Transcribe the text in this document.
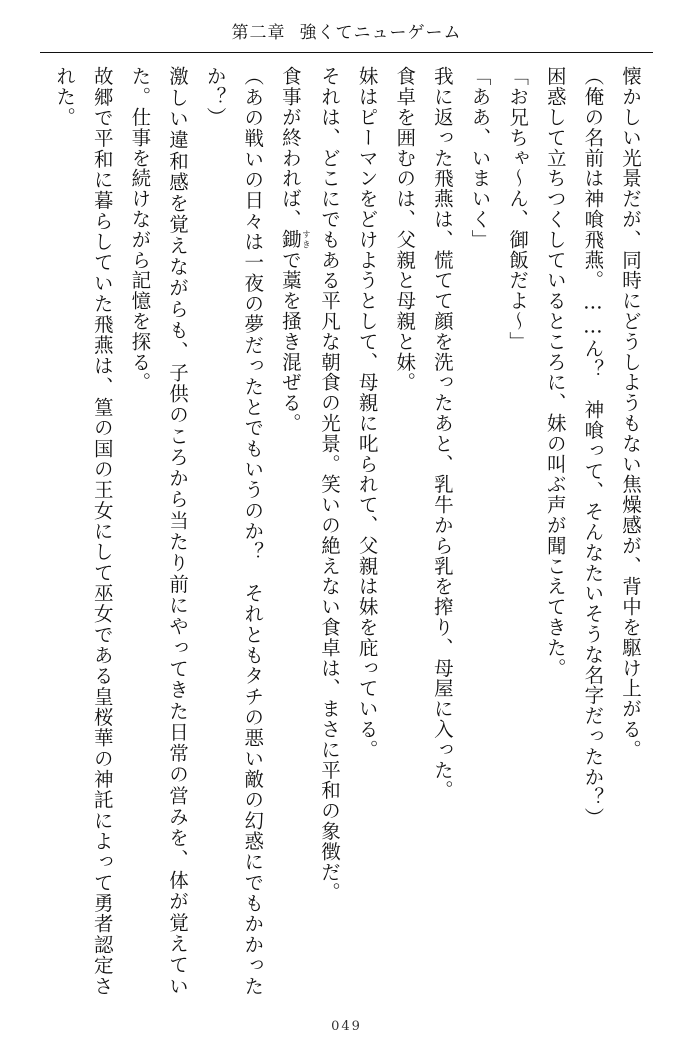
第二章 強くてニューゲーム

懐かしい光景だが、同時にどうしようもない焦燥感が、背中を駆け上がる。

（俺の名前は神喰飛燕。……ん？　神喰って、そんなたいそうな名字だったか？）

困惑して立ちつくしているところに、妹の叫ぶ声が聞こえてきた。

「お兄ちゃ～ん、御飯だよ～」

「ああ、いまいく」

我に返った飛燕は、慌てて顔を洗ったあと、乳牛から乳を搾り、母屋に入った。

食卓を囲むのは、父親と母親と妹。

妹はピーマンをどけようとして、母親に叱られて、父親は妹を庇っている。

それは、どこにでもある平凡な朝食の光景。笑いの絶えない食卓は、まさに平和の象徴だ。

食事が終われば、鋤すきで藁を掻き混ぜる。

（あの戦いの日々は一夜の夢だったとでもいうのか？　それともタチの悪い敵の幻惑にでもかかったか？）

激しい違和感を覚えながらも、子供のころから当たり前にやってきた日常の営みを、体が覚えていた。仕事を続けながら記憶を探る。

故郷で平和に暮らしていた飛燕は、篁の国の王女にして巫女である皇桜華の神託によって勇者認定された。

049
